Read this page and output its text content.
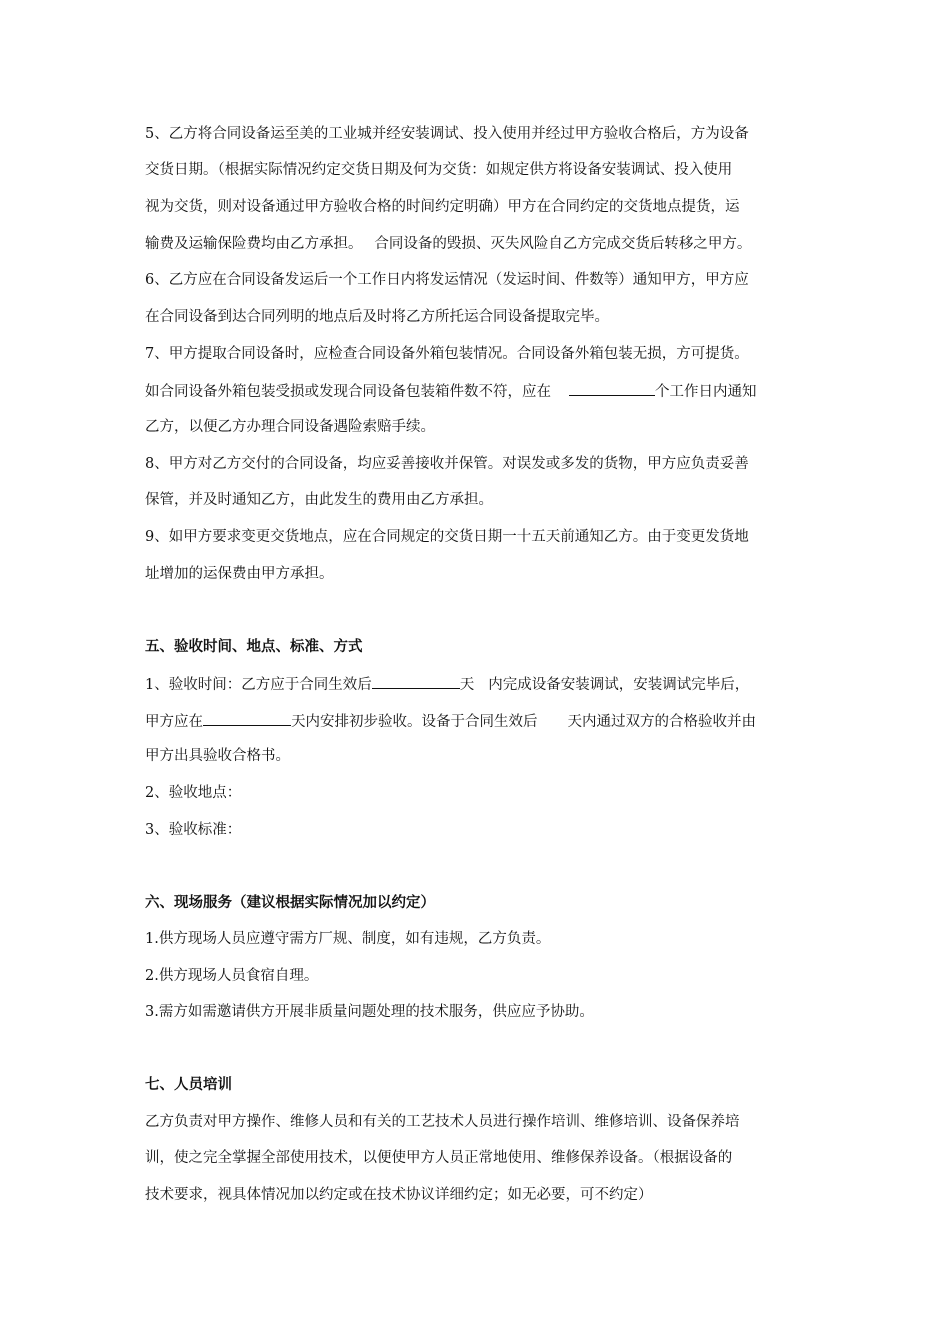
5、乙方将合同设备运至美的工业城并经安装调试、投入使用并经过甲方验收合格后，方为设备
交货日期。（根据实际情况约定交货日期及何为交货：如规定供方将设备安装调试、投入使用
视为交货，则对设备通过甲方验收合格的时间约定明确）甲方在合同约定的交货地点提货，运
输费及运输保险费均由乙方承担。　 合同设备的毁损、灭失风险自乙方完成交货后转移之甲方。
6、乙方应在合同设备发运后一个工作日内将发运情况（发运时间、件数等）通知甲方，甲方应
在合同设备到达合同列明的地点后及时将乙方所托运合同设备提取完毕。
7、甲方提取合同设备时，应检查合同设备外箱包装情况。合同设备外箱包装无损，方可提货。
如合同设备外箱包装受损或发现合同设备包装箱件数不符，应在	个工作日内通知
乙方，以便乙方办理合同设备遇险索赔手续。
8、甲方对乙方交付的合同设备，均应妥善接收并保管。对误发或多发的货物，甲方应负责妥善
保管，并及时通知乙方，由此发生的费用由乙方承担。
9、如甲方要求变更交货地点，应在合同规定的交货日期一十五天前通知乙方。由于变更发货地
址增加的运保费由甲方承担。
五、验收时间、地点、标准、方式
1、验收时间：乙方应于合同生效后	天 内完成设备安装调试，安装调试完毕后，
甲方应在	天内安排初步验收。设备于合同生效后 天内通过双方的合格验收并由
甲方出具验收合格书。
2、验收地点：
3、验收标准：
六、现场服务（建议根据实际情况加以约定）
1.供方现场人员应遵守需方厂规、制度，如有违规，乙方负责。
2.供方现场人员食宿自理。
3.需方如需邀请供方开展非质量问题处理的技术服务，供应应予协助。
七、人员培训
乙方负责对甲方操作、维修人员和有关的工艺技术人员进行操作培训、维修培训、设备保养培
训，使之完全掌握全部使用技术，以便使甲方人员正常地使用、维修保养设备。（根据设备的
技术要求，视具体情况加以约定或在技术协议详细约定；如无必要，可不约定）
